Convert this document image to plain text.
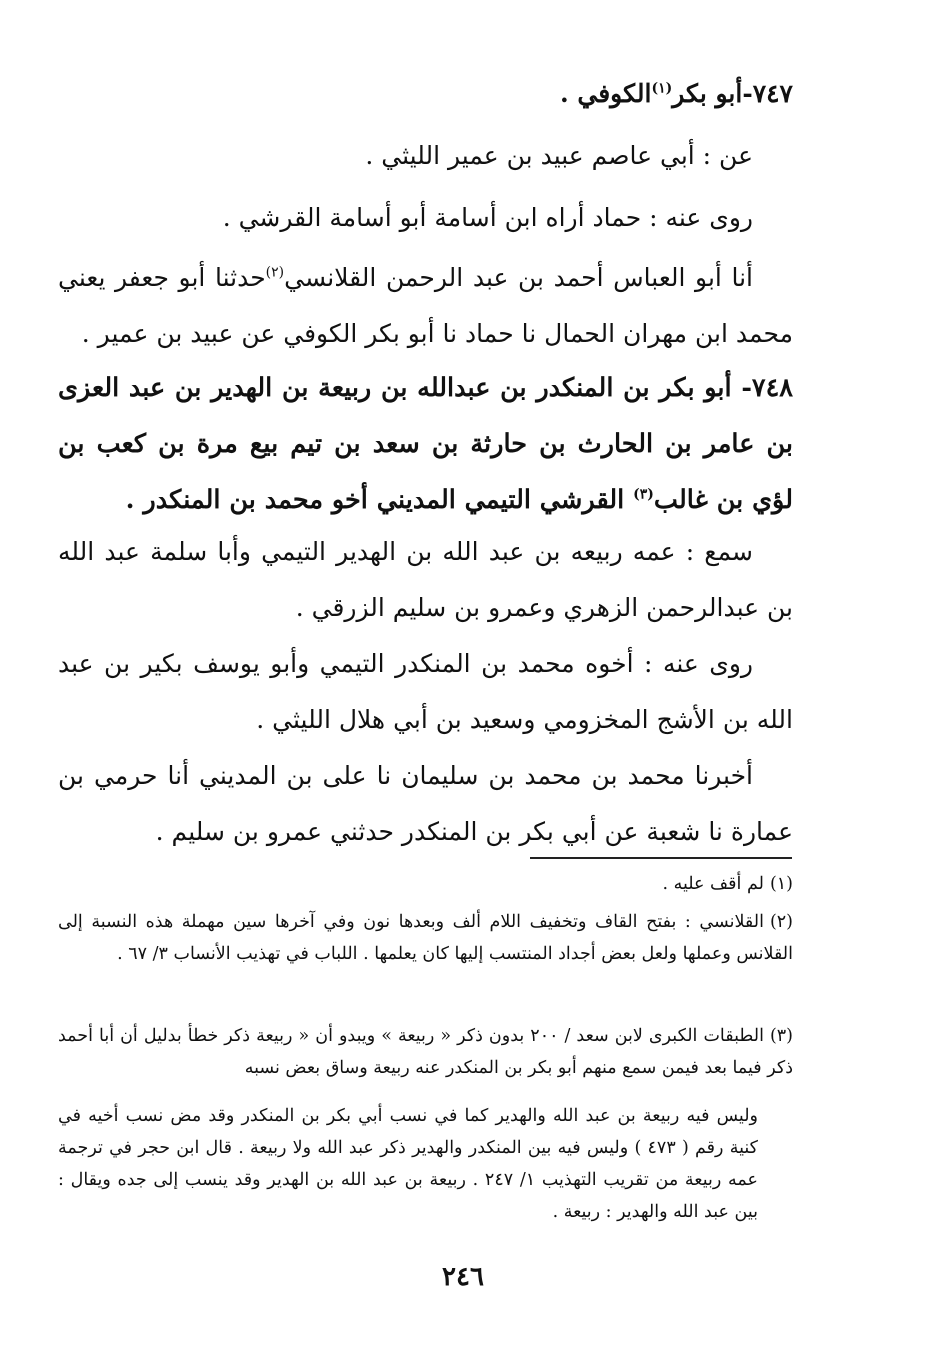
٧٤٧-أبو بكر$^{(١)}$الكوفي .
عن : أبي عاصم عبيد بن عمير الليثي .
روى عنه : حماد أراه ابن أسامة أبو أسامة القرشي .
أنا أبو العباس أحمد بن عبد الرحمن القلانسي$^{(٢)}$حدثنا أبو جعفر يعني محمد ابن مهران الحمال نا حماد نا أبو بكر الكوفي عن عبيد بن عمير .
٧٤٨- أبو بكر بن المنكدر بن عبدالله بن ربيعة بن الهدير بن عبد العزى بن عامر بن الحارث بن حارثة بن سعد بن تيم بيع مرة بن كعب بن لؤي بن غالب$^{(٣)}$ القرشي التيمي المديني أخو محمد بن المنكدر .
سمع : عمه ربيعه بن عبد الله بن الهدير التيمي وأبا سلمة عبد الله بن عبدالرحمن الزهري وعمرو بن سليم الزرقي .
روى عنه : أخوه محمد بن المنكدر التيمي وأبو يوسف بكير بن عبد الله بن الأشج المخزومي وسعيد بن أبي هلال الليثي .
أخبرنا محمد بن محمد بن سليمان نا على بن المديني أنا حرمي بن عمارة نا شعبة عن أبي بكر بن المنكدر حدثني عمرو بن سليم .
(١)لم أقف عليه .
(٢)القلانسي : بفتح القاف وتخفيف اللام ألف وبعدها نون وفي آخرها سين مهملة هذه النسبة إلى القلانس وعملها ولعل بعض أجداد المنتسب إليها كان يعلمها . اللباب في تهذيب الأنساب ٣/ ٦٧ .
(٣)الطبقات الكبرى لابن سعد / ٢٠٠ بدون ذكر « ربيعة » ويبدو أن « ربيعة ذكر خطأ بدليل أن أبا أحمد ذكر فيما بعد فيمن سمع منهم أبو بكر بن المنكدر عنه ربيعة وساق بعض نسبه
وليس فيه ربيعة بن عبد الله والهدير كما في نسب أبي بكر بن المنكدر وقد مض نسب أخيه في كنية رقم ( ٤٧٣ ) وليس فيه بين المنكدر والهدير ذكر عبد الله ولا ربيعة . قال ابن حجر في ترجمة عمه ربيعة من تقريب التهذيب ١/ ٢٤٧ . ربيعة بن عبد الله بن الهدير وقد ينسب إلى جده ويقال : بين عبد الله والهدير : ربيعة .
٢٤٦
